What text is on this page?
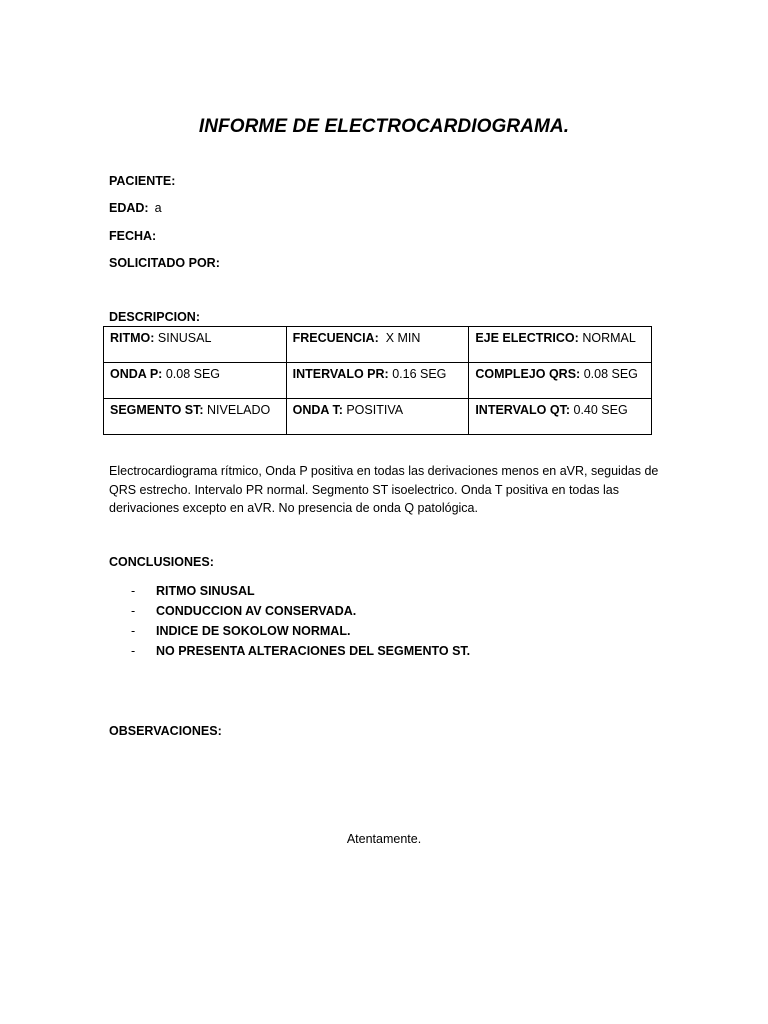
INFORME DE ELECTROCARDIOGRAMA.
PACIENTE:
EDAD: a
FECHA:
SOLICITADO POR:
DESCRIPCION:
RITMO: SINUSAL	FRECUENCIA: X MIN	EJE ELECTRICO: NORMAL
ONDA P: 0.08 SEG	INTERVALO PR: 0.16 SEG	COMPLEJO QRS: 0.08 SEG
SEGMENTO ST: NIVELADO	ONDA T: POSITIVA	INTERVALO QT: 0.40 SEG
Electrocardiograma rítmico, Onda P positiva en todas las derivaciones menos en aVR, seguidas de QRS estrecho. Intervalo PR normal. Segmento ST isoelectrico. Onda T positiva en todas las derivaciones excepto en aVR. No presencia de onda Q patológica.
CONCLUSIONES:
-	RITMO SINUSAL
-	CONDUCCION AV CONSERVADA.
-	INDICE DE SOKOLOW NORMAL.
-	NO PRESENTA ALTERACIONES DEL SEGMENTO ST.
OBSERVACIONES:
Atentamente.
